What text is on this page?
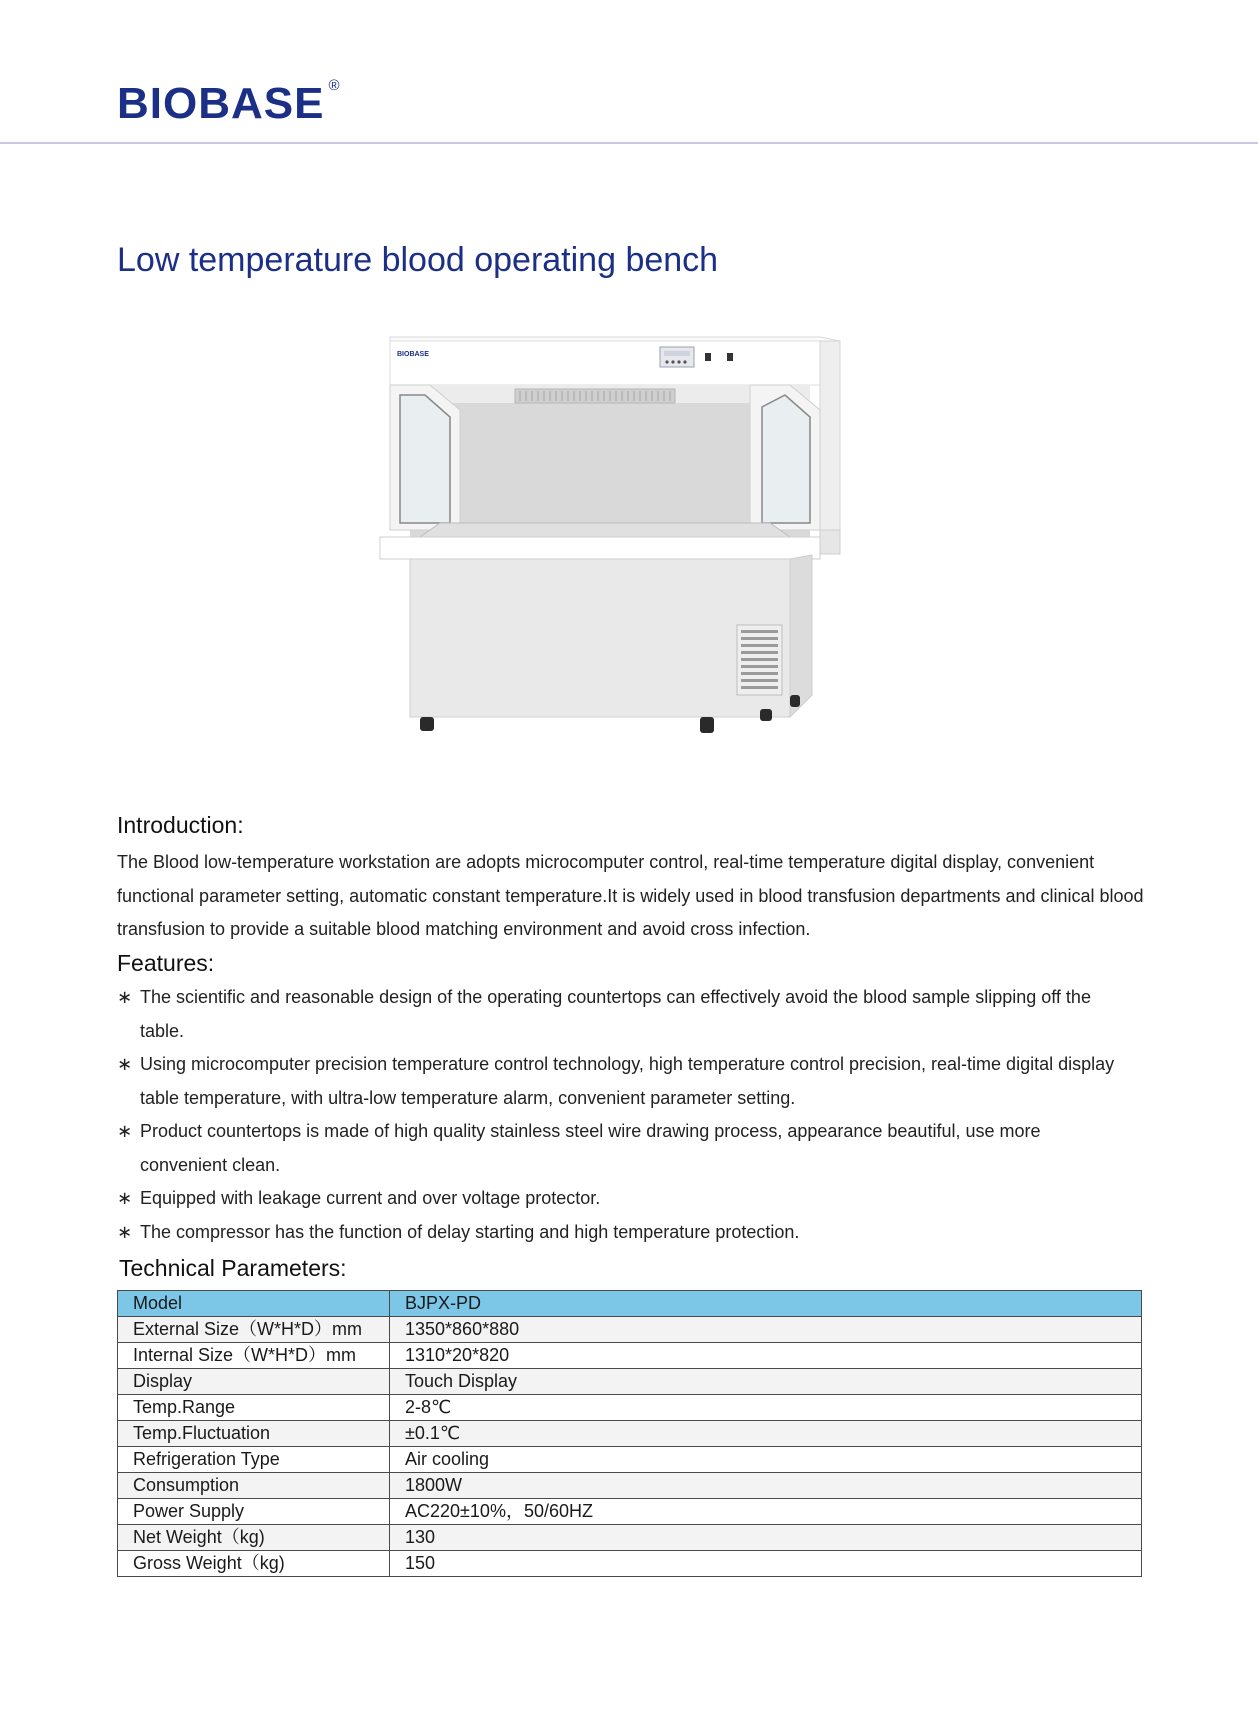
BIOBASE ®
Low temperature blood operating bench
BIOBASE
Introduction:

The Blood low-temperature workstation are adopts microcomputer control, real-time temperature digital display, convenient functional parameter setting, automatic constant temperature.It is widely used in blood transfusion departments and clinical blood transfusion to provide a suitable blood matching environment and avoid cross infection.

Features:
∗ The scientific and reasonable design of the operating countertops can effectively avoid the blood sample slipping off the table.
∗ Using microcomputer precision temperature control technology, high temperature control precision, real-time digital display table temperature, with ultra-low temperature alarm, convenient parameter setting.
∗ Product countertops is made of high quality stainless steel wire drawing process, appearance beautiful, use more convenient clean.
∗ Equipped with leakage current and over voltage protector.
∗ The compressor has the function of delay starting and high temperature protection.
Technical Parameters:
Model	BJPX-PD
External Size（W*H*D）mm	1350*860*880
Internal Size（W*H*D）mm	1310*20*820
Display	Touch Display
Temp.Range	2-8℃
Temp.Fluctuation	±0.1℃
Refrigeration Type	Air cooling
Consumption	1800W
Power Supply	AC220±10%，50/60HZ
Net Weight（kg)	130
Gross Weight（kg)	150
